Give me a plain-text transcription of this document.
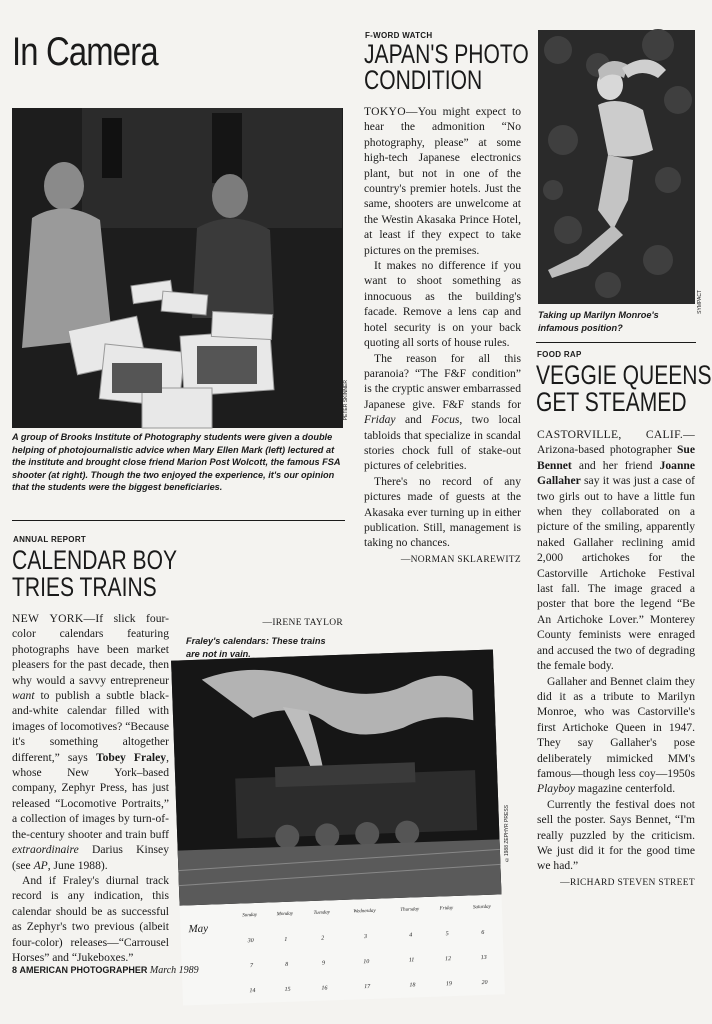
In Camera
PETER SKINNER

A group of Brooks Institute of Photography students were given a double helping of photojournalistic advice when Mary Ellen Mark (left) lectured at the institute and brought close friend Marion Post Wolcott, the famous FSA shooter (at right). Though the two enjoyed the experience, it's our opinion that the students were the biggest beneficiaries.

F-WORD WATCH
JAPAN'S PHOTO
CONDITION

TOKYO—You might expect to hear the admonition “No photography, please” at some high-tech Japanese electronics plant, but not in one of the country's premier hotels. Just the same, shooters are unwelcome at the Westin Akasaka Prince Hotel, at least if they expect to take pictures on the premises.

It makes no difference if you want to shoot something as innocuous as the building's facade. Remove a lens cap and hotel security is on your back quoting all sorts of house rules.

The reason for all this paranoia? “The F&F condition” is the cryptic answer embarrassed Japanese give. F&F stands for Friday and Focus, two local tabloids that specialize in scandal stories chock full of stake-out pictures of celebrities.

There's no record of any pictures made of guests at the Akasaka ever turning up in either publication. Still, management is taking no chances.

—NORMAN SKLAREWITZ
SYMPACT

Taking up Marilyn Monroe's infamous position?

FOOD RAP
VEGGIE QUEENS
GET STEAMED

CASTORVILLE, CALIF.—Arizona-based photographer Sue Bennet and her friend Joanne Gallaher say it was just a case of two girls out to have a little fun when they collaborated on a picture of the smiling, apparently naked Gallaher reclining amid 2,000 artichokes for the Castorville Artichoke Festival last fall. The image graced a poster that bore the legend “Be An Artichoke Lover.” Monterey County feminists were enraged and accused the two of degrading the female body.

Gallaher and Bennet claim they did it as a tribute to Marilyn Monroe, who was Castorville's first Artichoke Queen in 1947. They say Gallaher's pose deliberately mimicked MM's famous—though less coy—1950s Playboy magazine centerfold.

Currently the festival does not sell the poster. Says Bennet, “I'm really puzzled by the criticism. We just did it for the good time we had.”

—RICHARD STEVEN STREET
ANNUAL REPORT
CALENDAR BOY
TRIES TRAINS

NEW YORK—If slick four-color calendars featuring photographs have been market pleasers for the past decade, then why would a savvy entrepreneur want to publish a subtle black-and-white calendar filled with images of locomotives? “Because it's something altogether different,” says Tobey Fraley, whose New York–based company, Zephyr Press, has just released “Locomotive Portraits,” a collection of images by turn-of-the-century shooter and train buff extraordinaire Darius Kinsey (see AP, June 1988).

And if Fraley's diurnal track record is any indication, this calendar should be as successful as Zephyr's two previous (albeit four-color) releases—“Carrousel Horses” and “Jukeboxes.”

—IRENE TAYLOR

Fraley's calendars: These trains are not in vain.

May
Sunday	Monday	Tuesday	Wednesday	Thursday	Friday	Saturday
30	1	2	3	4	5	6
7	8	9	10	11	12	13
14	15	16	17	18	19	20
©1988 ZEPHYR PRESS
8 AMERICAN PHOTOGRAPHER March 1989
